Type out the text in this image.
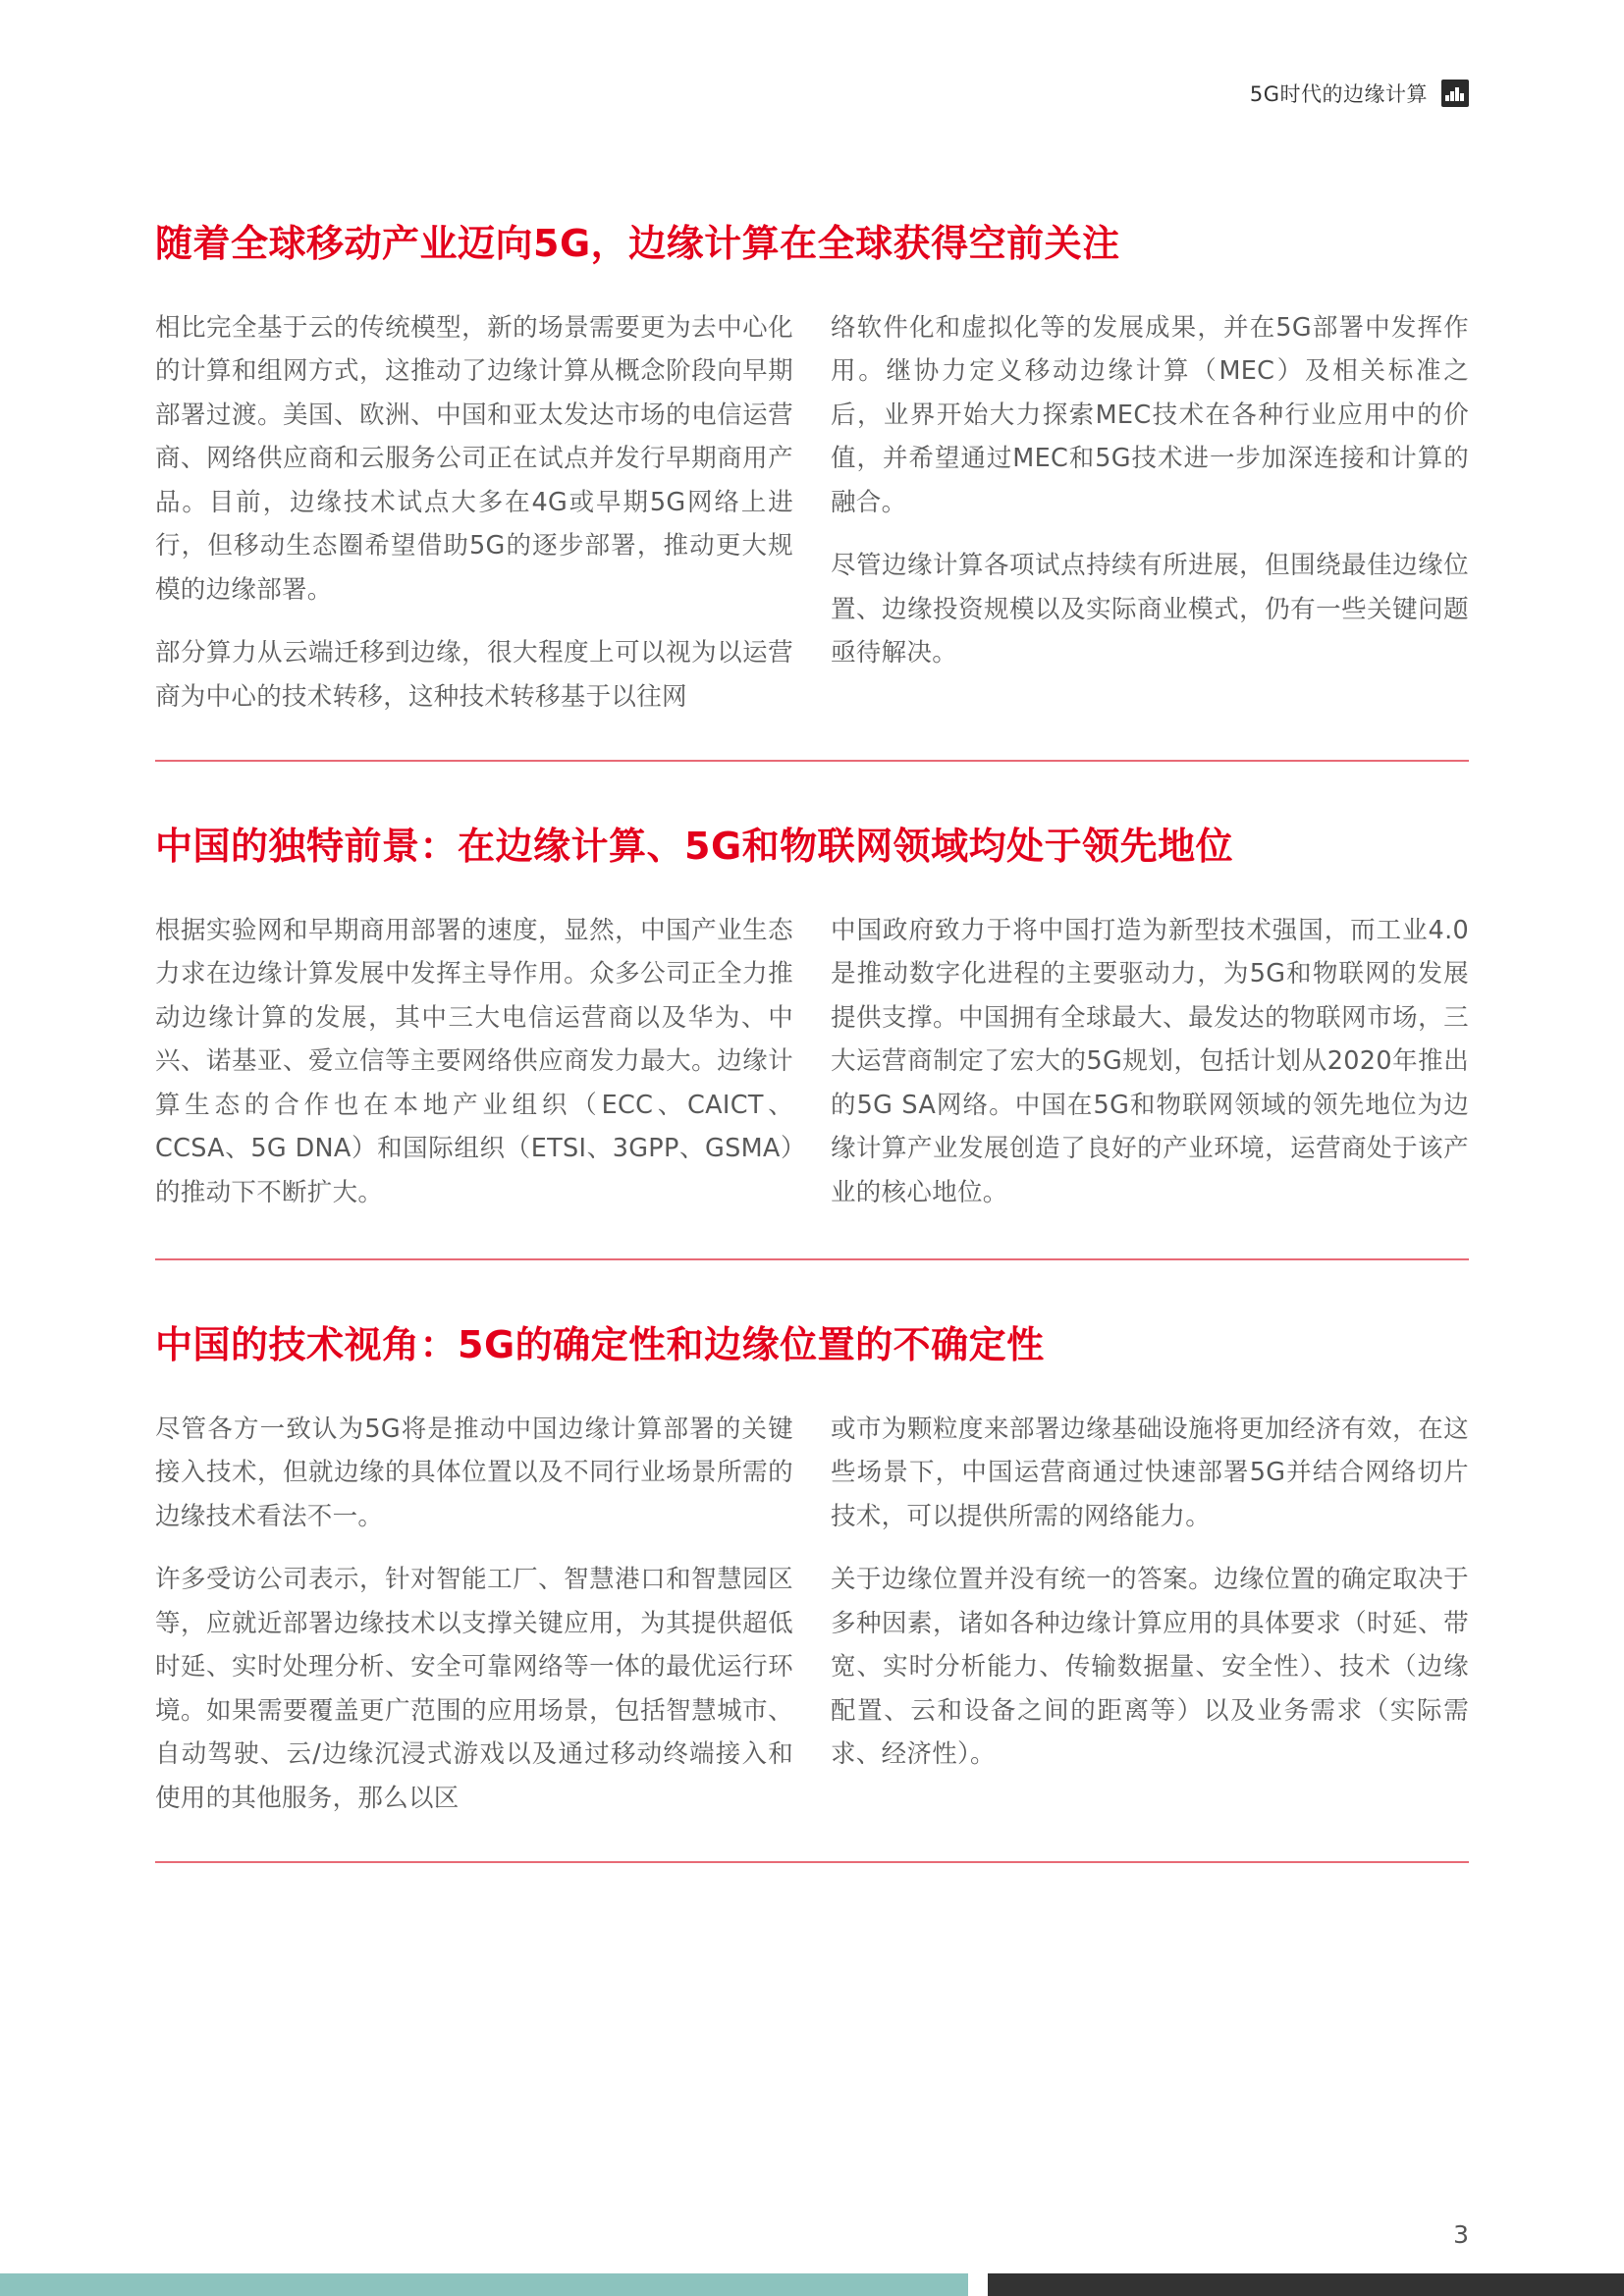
5G时代的边缘计算
随着全球移动产业迈向5G，边缘计算在全球获得空前关注

相比完全基于云的传统模型，新的场景需要更为去中心化的计算和组网方式，这推动了边缘计算从概念阶段向早期部署过渡。美国、欧洲、中国和亚太发达市场的电信运营商、网络供应商和云服务公司正在试点并发行早期商用产品。目前，边缘技术试点大多在4G或早期5G网络上进行，但移动生态圈希望借助5G的逐步部署，推动更大规模的边缘部署。

部分算力从云端迁移到边缘，很大程度上可以视为以运营商为中心的技术转移，这种技术转移基于以往网

络软件化和虚拟化等的发展成果，并在5G部署中发挥作用。继协力定义移动边缘计算（MEC）及相关标准之后，业界开始大力探索MEC技术在各种行业应用中的价值，并希望通过MEC和5G技术进一步加深连接和计算的融合。

尽管边缘计算各项试点持续有所进展，但围绕最佳边缘位置、边缘投资规模以及实际商业模式，仍有一些关键问题亟待解决。

中国的独特前景：在边缘计算、5G和物联网领域均处于领先地位

根据实验网和早期商用部署的速度，显然，中国产业生态力求在边缘计算发展中发挥主导作用。众多公司正全力推动边缘计算的发展，其中三大电信运营商以及华为、中兴、诺基亚、爱立信等主要网络供应商发力最大。边缘计算生态的合作也在本地产业组织（ECC、CAICT、CCSA、5G DNA）和国际组织（ETSI、3GPP、GSMA）的推动下不断扩大。

中国政府致力于将中国打造为新型技术强国，而工业4.0是推动数字化进程的主要驱动力，为5G和物联网的发展提供支撑。中国拥有全球最大、最发达的物联网市场，三大运营商制定了宏大的5G规划，包括计划从2020年推出的5G SA网络。中国在5G和物联网领域的领先地位为边缘计算产业发展创造了良好的产业环境，运营商处于该产业的核心地位。

中国的技术视角：5G的确定性和边缘位置的不确定性

尽管各方一致认为5G将是推动中国边缘计算部署的关键接入技术，但就边缘的具体位置以及不同行业场景所需的边缘技术看法不一。

许多受访公司表示，针对智能工厂、智慧港口和智慧园区等，应就近部署边缘技术以支撑关键应用，为其提供超低时延、实时处理分析、安全可靠网络等一体的最优运行环境。如果需要覆盖更广范围的应用场景，包括智慧城市、自动驾驶、云/边缘沉浸式游戏以及通过移动终端接入和使用的其他服务，那么以区

或市为颗粒度来部署边缘基础设施将更加经济有效，在这些场景下，中国运营商通过快速部署5G并结合网络切片技术，可以提供所需的网络能力。

关于边缘位置并没有统一的答案。边缘位置的确定取决于多种因素，诸如各种边缘计算应用的具体要求（时延、带宽、实时分析能力、传输数据量、安全性）、技术（边缘配置、云和设备之间的距离等）以及业务需求（实际需求、经济性）。

3
